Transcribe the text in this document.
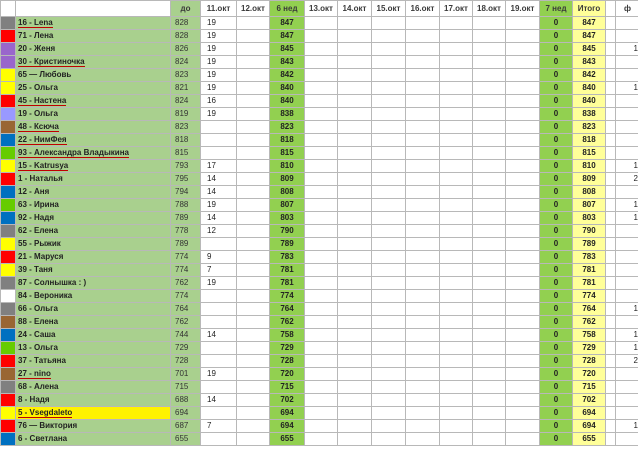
		до	11.окт	12.окт	6 нед	13.окт	14.окт	15.окт	16.окт	17.окт	18.окт	19.окт	7 нед	Итого		ф
	16 - Lena	828	19		847								0	847		
	71 - Лена	828	19		847								0	847		
	20 - Женя	826	19		845								0	845		1
	30 - Кристиночка	824	19		843								0	843		
	65 — Любовь	823	19		842								0	842		
	25 - Ольга	821	19		840								0	840		1
	45 - Настена	824	16		840								0	840		
	19 - Ольга	819	19		838								0	838		
	48 - Ксюча	823			823								0	823		
	22 - НимФея	818			818								0	818		
	93 - Александра Владыкина	815			815								0	815		
	15 - Katrusya	793	17		810								0	810		1
	1 - Наталья	795	14		809								0	809		2
	12 - Аня	794	14		808								0	808		
	63 - Ирина	788	19		807								0	807		1
	92 - Надя	789	14		803								0	803		1
	62 - Елена	778	12		790								0	790		
	55 - Рыжик	789			789								0	789		
	21 - Маруся	774	9		783								0	783		
	39 - Таня	774	7		781								0	781		
	87 - Солнышка : )	762	19		781								0	781		
	84 - Вероника	774			774								0	774		
	66 - Ольга	764			764								0	764		1
	88 - Елена	762			762								0	762		
	24 - Саша	744	14		758								0	758		1
	13 - Ольга	729			729								0	729		1
	37 - Татьяна	728			728								0	728		2
	27 - nino	701	19		720								0	720		
	68 - Алена	715			715								0	715		
	8 - Надя	688	14		702								0	702		
	5 - Vsegdaleto	694			694								0	694		
	76 — Виктория	687	7		694								0	694		1
	6 - Светлана	655			655								0	655		
